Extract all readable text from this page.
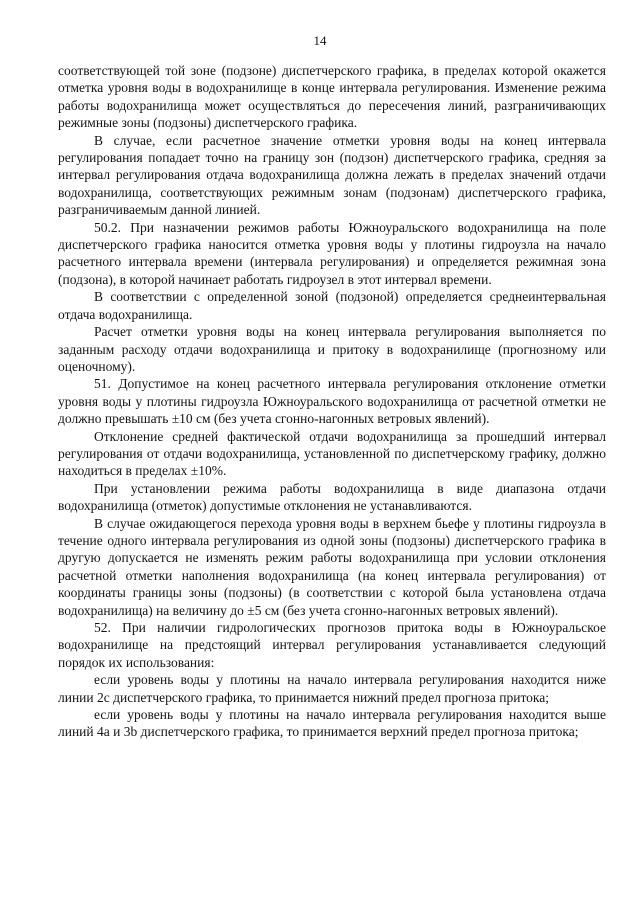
14

соответствующей той зоне (подзоне) диспетчерского графика, в пределах которой окажется отметка уровня воды в водохранилище в конце интервала регулирования. Изменение режима работы водохранилища может осуществляться до пересечения линий, разграничивающих режимные зоны (подзоны) диспетчерского графика.

В случае, если расчетное значение отметки уровня воды на конец интервала регулирования попадает точно на границу зон (подзон) диспетчерского графика, средняя за интервал регулирования отдача водохранилища должна лежать в пределах значений отдачи водохранилища, соответствующих режимным зонам (подзонам) диспетчерского графика, разграничиваемым данной линией.

50.2. При назначении режимов работы Южноуральского водохранилища на поле диспетчерского графика наносится отметка уровня воды у плотины гидроузла на начало расчетного интервала времени (интервала регулирования) и определяется режимная зона (подзона), в которой начинает работать гидроузел в этот интервал времени.

В соответствии с определенной зоной (подзоной) определяется среднеинтервальная отдача водохранилища.

Расчет отметки уровня воды на конец интервала регулирования выполняется по заданным расходу отдачи водохранилища и притоку в водохранилище (прогнозному или оценочному).

51. Допустимое на конец расчетного интервала регулирования отклонение отметки уровня воды у плотины гидроузла Южноуральского водохранилища от расчетной отметки не должно превышать ±10 см (без учета сгонно-нагонных ветровых явлений).

Отклонение средней фактической отдачи водохранилища за прошедший интервал регулирования от отдачи водохранилища, установленной по диспетчерскому графику, должно находиться в пределах ±10%.

При установлении режима работы водохранилища в виде диапазона отдачи водохранилища (отметок) допустимые отклонения не устанавливаются.

В случае ожидающегося перехода уровня воды в верхнем бьефе у плотины гидроузла в течение одного интервала регулирования из одной зоны (подзоны) диспетчерского графика в другую допускается не изменять режим работы водохранилища при условии отклонения расчетной отметки наполнения водохранилища (на конец интервала регулирования) от координаты границы зоны (подзоны) (в соответствии с которой была установлена отдача водохранилища) на величину до ±5 см (без учета сгонно-нагонных ветровых явлений).

52. При наличии гидрологических прогнозов притока воды в Южноуральское водохранилище на предстоящий интервал регулирования устанавливается следующий порядок их использования:

если уровень воды у плотины на начало интервала регулирования находится ниже линии 2с диспетчерского графика, то принимается нижний предел прогноза притока;

если уровень воды у плотины на начало интервала регулирования находится выше линий 4а и 3b диспетчерского графика, то принимается верхний предел прогноза притока;
